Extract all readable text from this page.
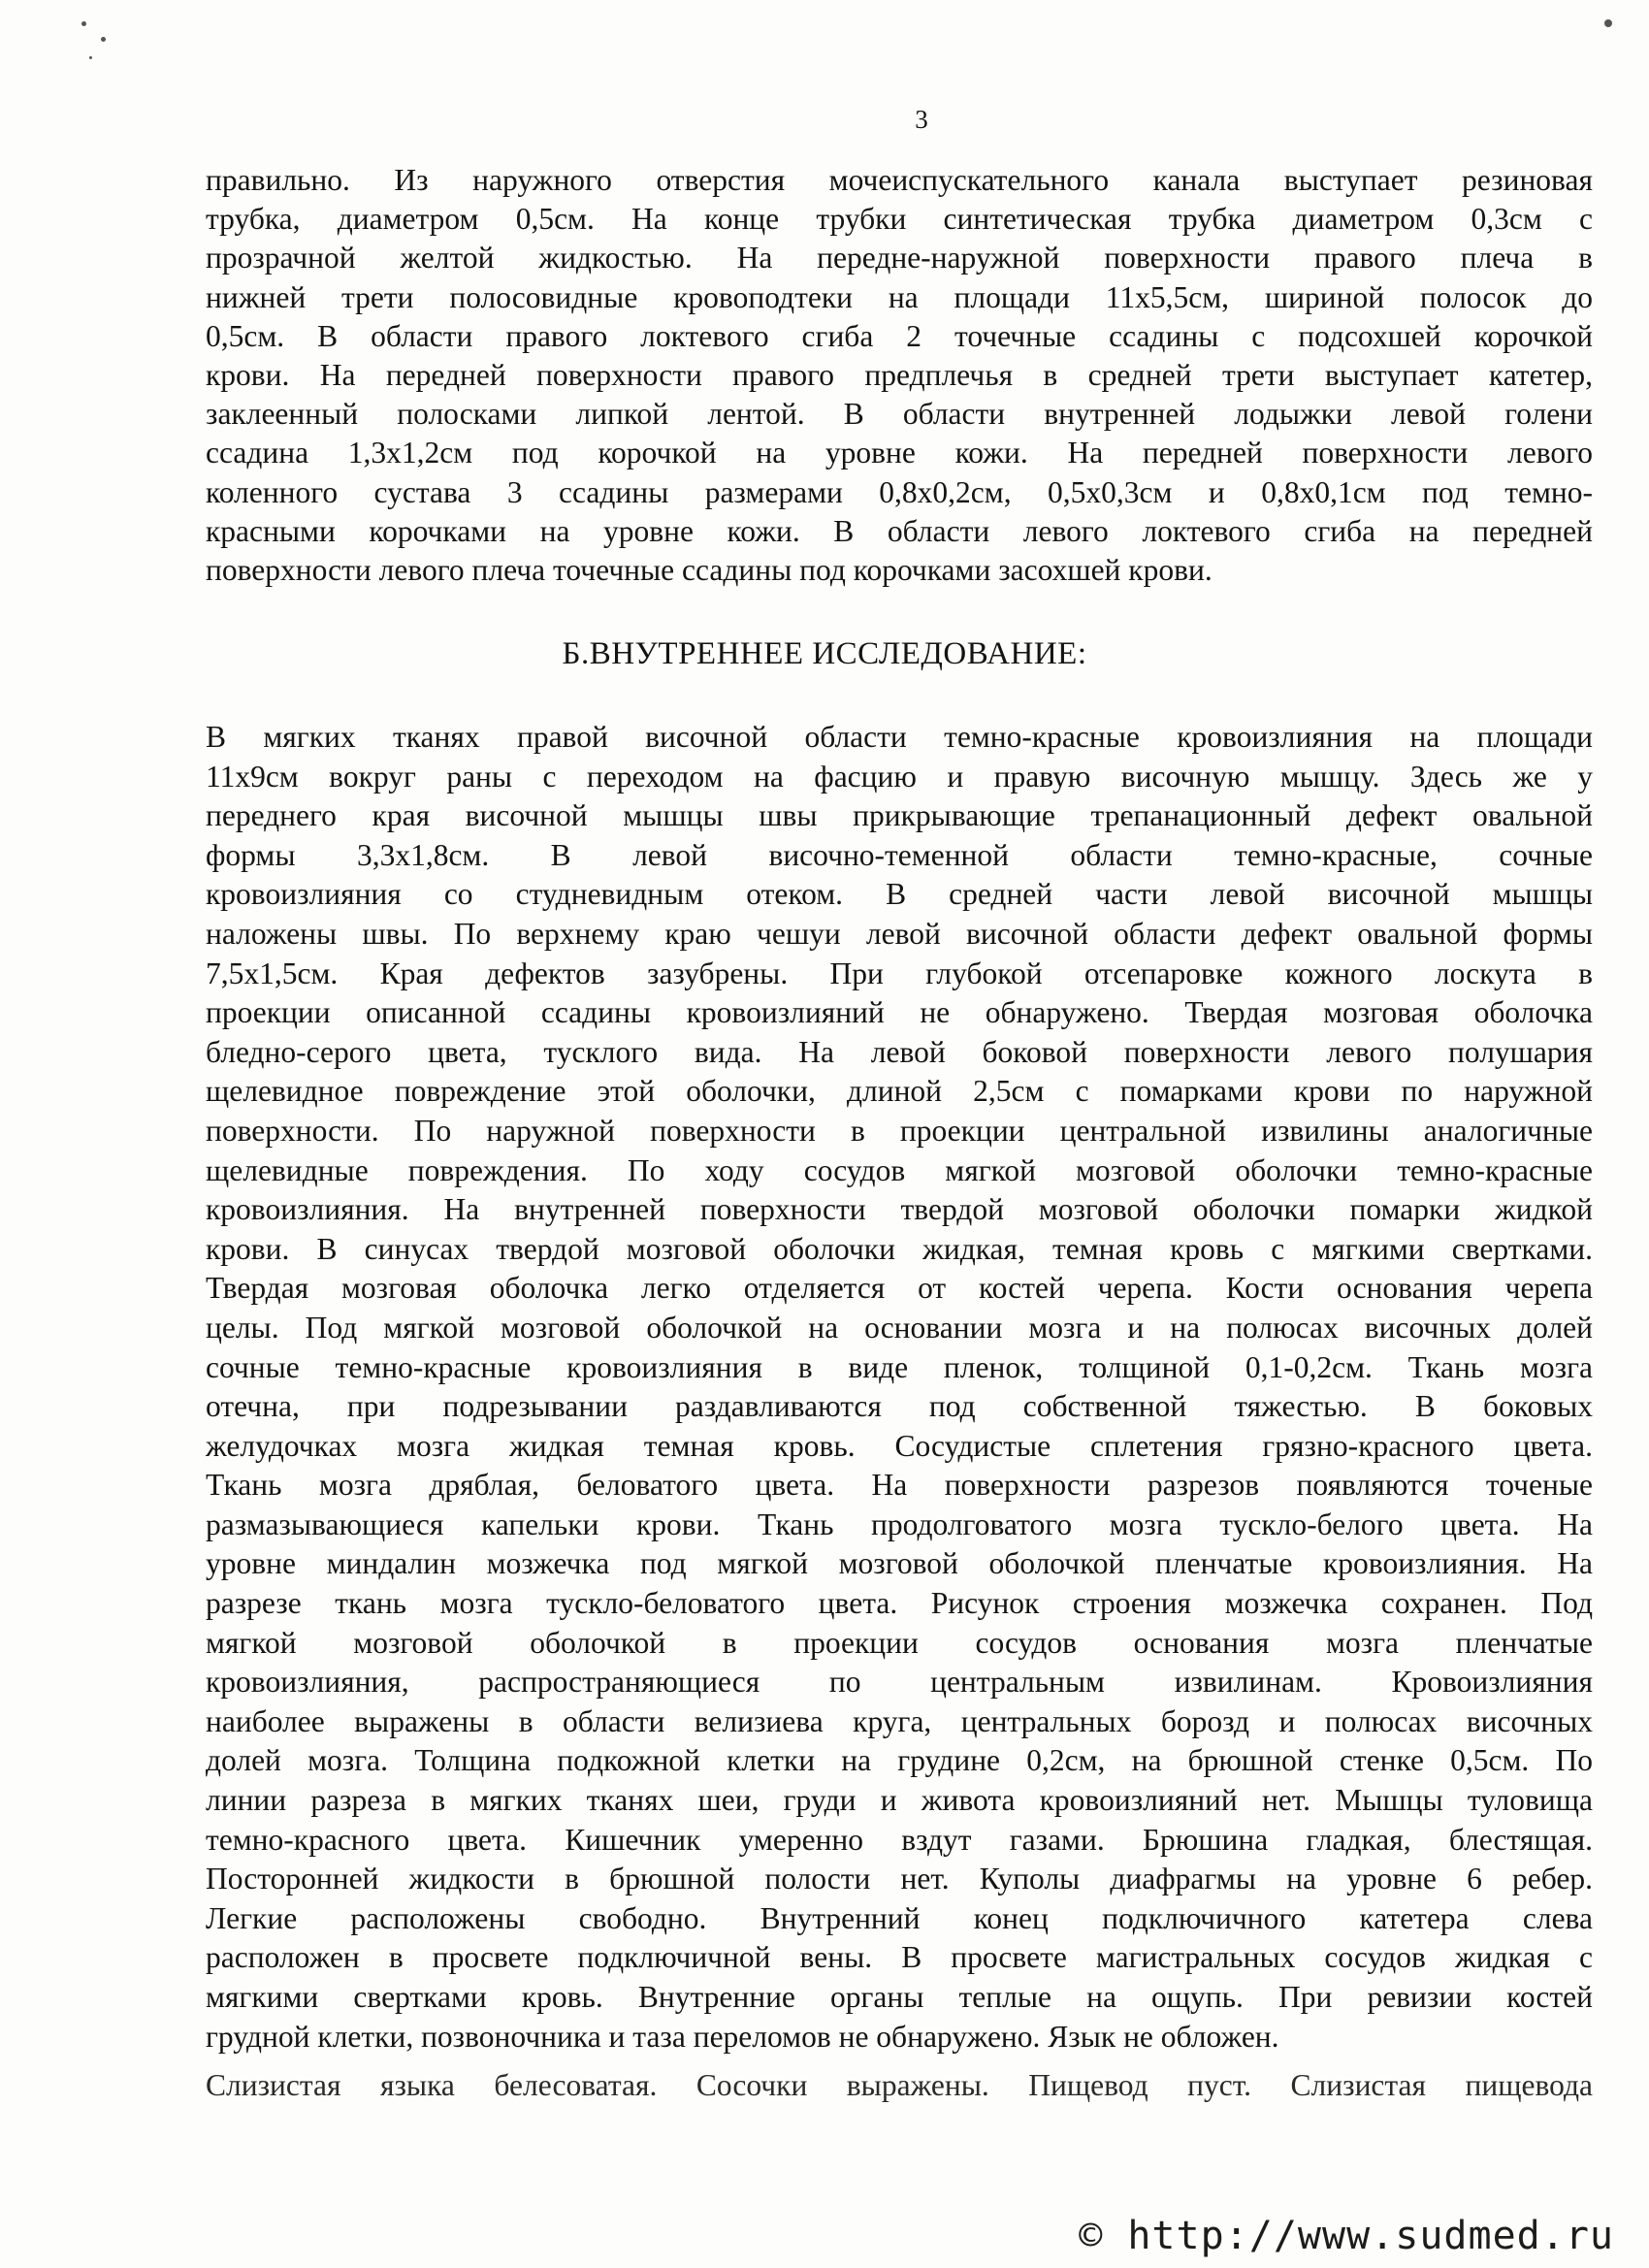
3
правильно. Из наружного отверстия мочеиспускательного канала выступает резиновая
трубка, диаметром 0,5см. На конце трубки синтетическая трубка диаметром 0,3см с
прозрачной желтой жидкостью. На передне-наружной поверхности правого плеча в
нижней трети полосовидные кровоподтеки на площади 11х5,5см, шириной полосок до
0,5см. В области правого локтевого сгиба 2 точечные ссадины с подсохшей корочкой
крови. На передней поверхности правого предплечья в средней трети выступает катетер,
заклеенный полосками липкой лентой. В области внутренней лодыжки левой голени
ссадина 1,3х1,2см под корочкой на уровне кожи. На передней поверхности левого
коленного сустава 3 ссадины размерами 0,8х0,2см, 0,5х0,3см и 0,8х0,1см под темно-
красными корочками на уровне кожи. В области левого локтевого сгиба на передней
поверхности левого плеча точечные ссадины под корочками засохшей крови.
Б.ВНУТРЕННЕЕ ИССЛЕДОВАНИЕ:
В мягких тканях правой височной области темно-красные кровоизлияния на площади
11х9см вокруг раны с переходом на фасцию и правую височную мышцу. Здесь же у
переднего края височной мышцы швы прикрывающие трепанационный дефект овальной
формы 3,3х1,8см. В левой височно-теменной области темно-красные, сочные
кровоизлияния со студневидным отеком. В средней части левой височной мышцы
наложены швы. По верхнему краю чешуи левой височной области дефект овальной формы
7,5х1,5см. Края дефектов зазубрены. При глубокой отсепаровке кожного лоскута в
проекции описанной ссадины кровоизлияний не обнаружено. Твердая мозговая оболочка
бледно-серого цвета, тусклого вида. На левой боковой поверхности левого полушария
щелевидное повреждение этой оболочки, длиной 2,5см с помарками крови по наружной
поверхности. По наружной поверхности в проекции центральной извилины аналогичные
щелевидные повреждения. По ходу сосудов мягкой мозговой оболочки темно-красные
кровоизлияния. На внутренней поверхности твердой мозговой оболочки помарки жидкой
крови. В синусах твердой мозговой оболочки жидкая, темная кровь с мягкими свертками.
Твердая мозговая оболочка легко отделяется от костей черепа. Кости основания черепа
целы. Под мягкой мозговой оболочкой на основании мозга и на полюсах височных долей
сочные темно-красные кровоизлияния в виде пленок, толщиной 0,1-0,2см. Ткань мозга
отечна, при подрезывании раздавливаются под собственной тяжестью. В боковых
желудочках мозга жидкая темная кровь. Сосудистые сплетения грязно-красного цвета.
Ткань мозга дряблая, беловатого цвета. На поверхности разрезов появляются точеные
размазывающиеся капельки крови. Ткань продолговатого мозга тускло-белого цвета. На
уровне миндалин мозжечка под мягкой мозговой оболочкой пленчатые кровоизлияния. На
разрезе ткань мозга тускло-беловатого цвета. Рисунок строения мозжечка сохранен. Под
мягкой мозговой оболочкой в проекции сосудов основания мозга пленчатые
кровоизлияния, распространяющиеся по центральным извилинам. Кровоизлияния
наиболее выражены в области велизиева круга, центральных борозд и полюсах височных
долей мозга. Толщина подкожной клетки на грудине 0,2см, на брюшной стенке 0,5см. По
линии разреза в мягких тканях шеи, груди и живота кровоизлияний нет. Мышцы туловища
темно-красного цвета. Кишечник умеренно вздут газами. Брюшина гладкая, блестящая.
Посторонней жидкости в брюшной полости нет. Куполы диафрагмы на уровне 6 ребер.
Легкие расположены свободно. Внутренний конец подключичного катетера слева
расположен в просвете подключичной вены. В просвете магистральных сосудов жидкая с
мягкими свертками кровь. Внутренние органы теплые на ощупь. При ревизии костей
грудной клетки, позвоночника и таза переломов не обнаружено. Язык не обложен.
Слизистая языка белесоватая. Сосочки выражены. Пищевод пуст. Слизистая пищевода
© http://www.sudmed.ru
